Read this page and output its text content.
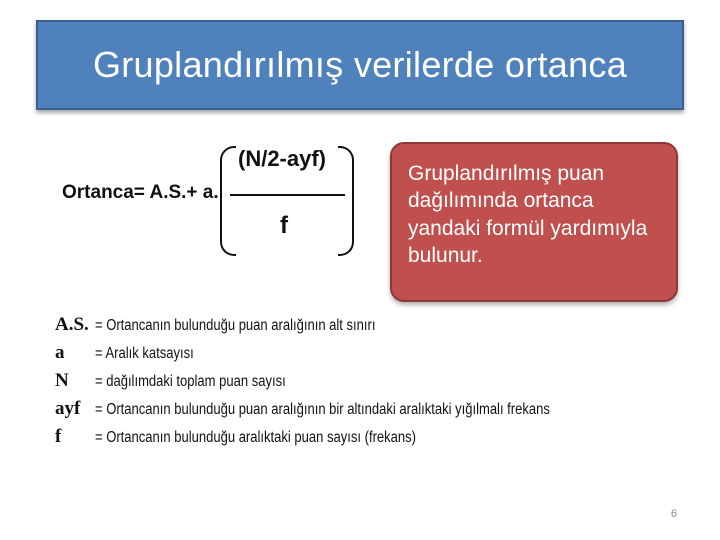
Gruplandırılmış verilerde ortanca
Ortanca= A.S.+ a.
(N/2-ayf)
f

Gruplandırılmış puan dağılımında ortanca yandaki formül yardımıyla bulunur.

A.S. = Ortancanın bulunduğu puan aralığının alt sınırı
a	= Aralık katsayısı
N	= dağılımdaki toplam puan sayısı
ayf = Ortancanın bulunduğu puan aralığının bir altındaki aralıktaki yığılmalı frekans
f	= Ortancanın bulunduğu aralıktaki puan sayısı (frekans)
6
